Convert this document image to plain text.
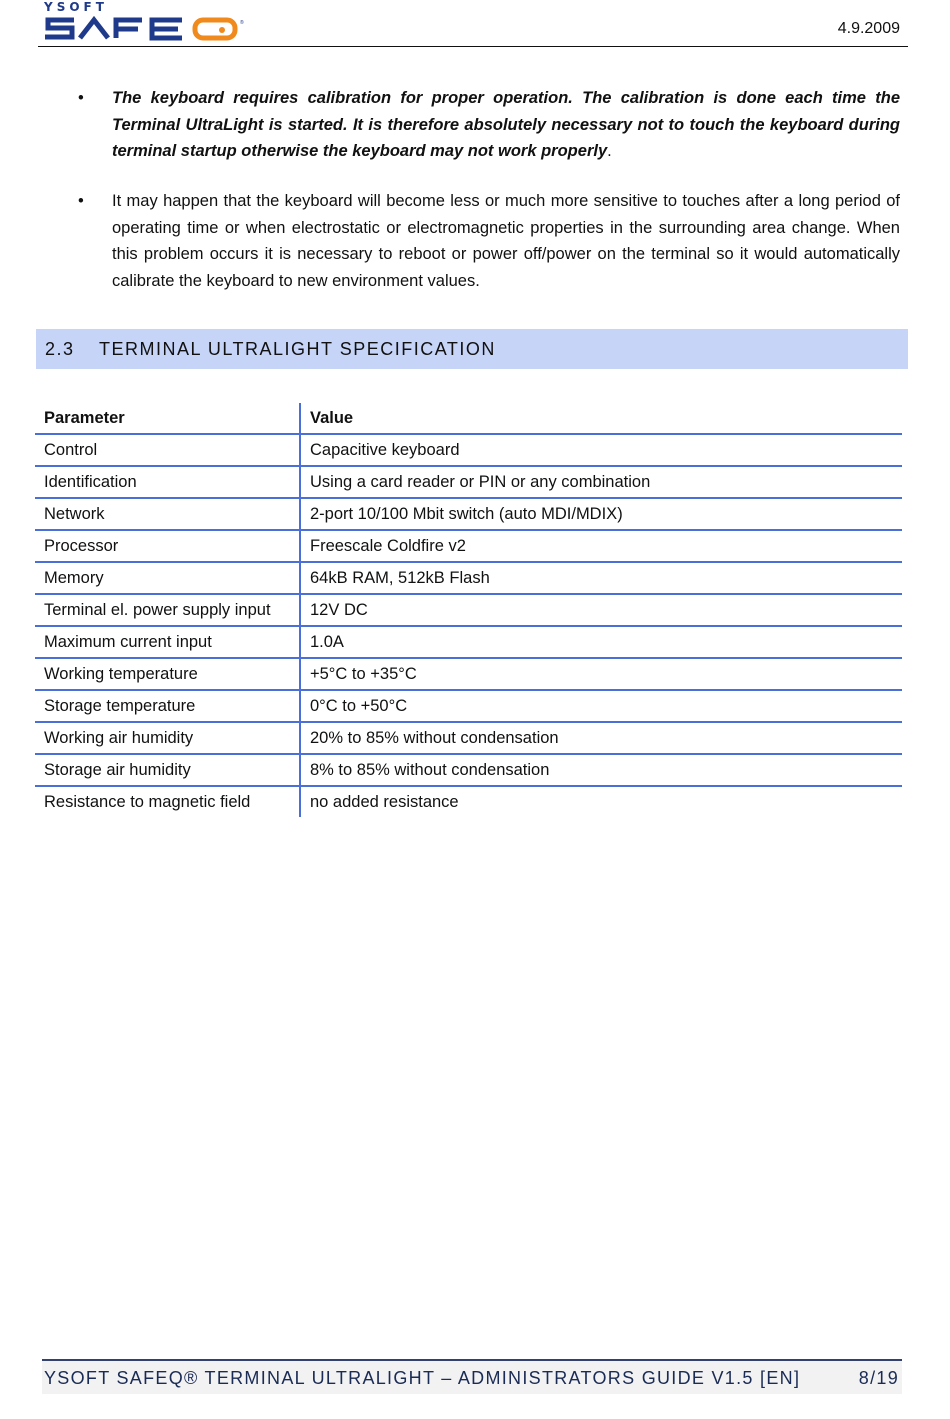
YSOFT
®	4.9.2009
• The keyboard requires calibration for proper operation. The calibration is done each time the Terminal UltraLight is started. It is therefore absolutely necessary not to touch the keyboard during terminal startup otherwise the keyboard may not work properly.
• It may happen that the keyboard will become less or much more sensitive to touches after a long period of operating time or when electrostatic or electromagnetic properties in the surrounding area change. When this problem occurs it is necessary to reboot or power off/power on the terminal so it would automatically calibrate the keyboard to new environment values.
2.3 TERMINAL ULTRALIGHT SPECIFICATION
Parameter	Value
Control	Capacitive keyboard
Identification	Using a card reader or PIN or any combination
Network	2-port 10/100 Mbit switch (auto MDI/MDIX)
Processor	Freescale Coldfire v2
Memory	64kB RAM, 512kB Flash
Terminal el. power supply input	12V DC
Maximum current input	1.0A
Working temperature	+5°C to +35°C
Storage temperature	0°C to +50°C
Working air humidity	20% to 85% without condensation
Storage air humidity	8% to 85% without condensation
Resistance to magnetic field	no added resistance
YSOFT SAFEQ® TERMINAL ULTRALIGHT – ADMINISTRATORS GUIDE V1.5 [EN]	8/19
